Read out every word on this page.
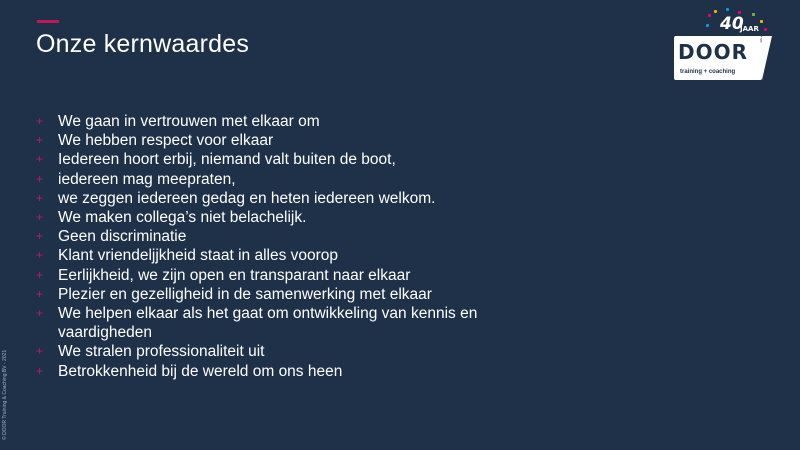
Onze kernwaardes
+ We gaan in vertrouwen met elkaar om
+ We hebben respect voor elkaar
+ Iedereen hoort erbij, niemand valt buiten de boot,
+ iedereen mag meepraten,
+ we zeggen iedereen gedag en heten iedereen welkom.
+ We maken collega’s niet belachelijk.
+ Geen discriminatie
+ Klant vriendeljjkheid staat in alles voorop
+ Eerlijkheid, we zijn open en transparant naar elkaar
+ Plezier en gezelligheid in de samenwerking met elkaar
+ We helpen elkaar als het gaat om ontwikkeling van kennis en vaardigheden
+ We stralen professionaliteit uit
+ Betrokkenheid bij de wereld om ons heen
© DOOR Training & Coaching BV - 2021
40
JAAR
DOOR ®
training + coaching
